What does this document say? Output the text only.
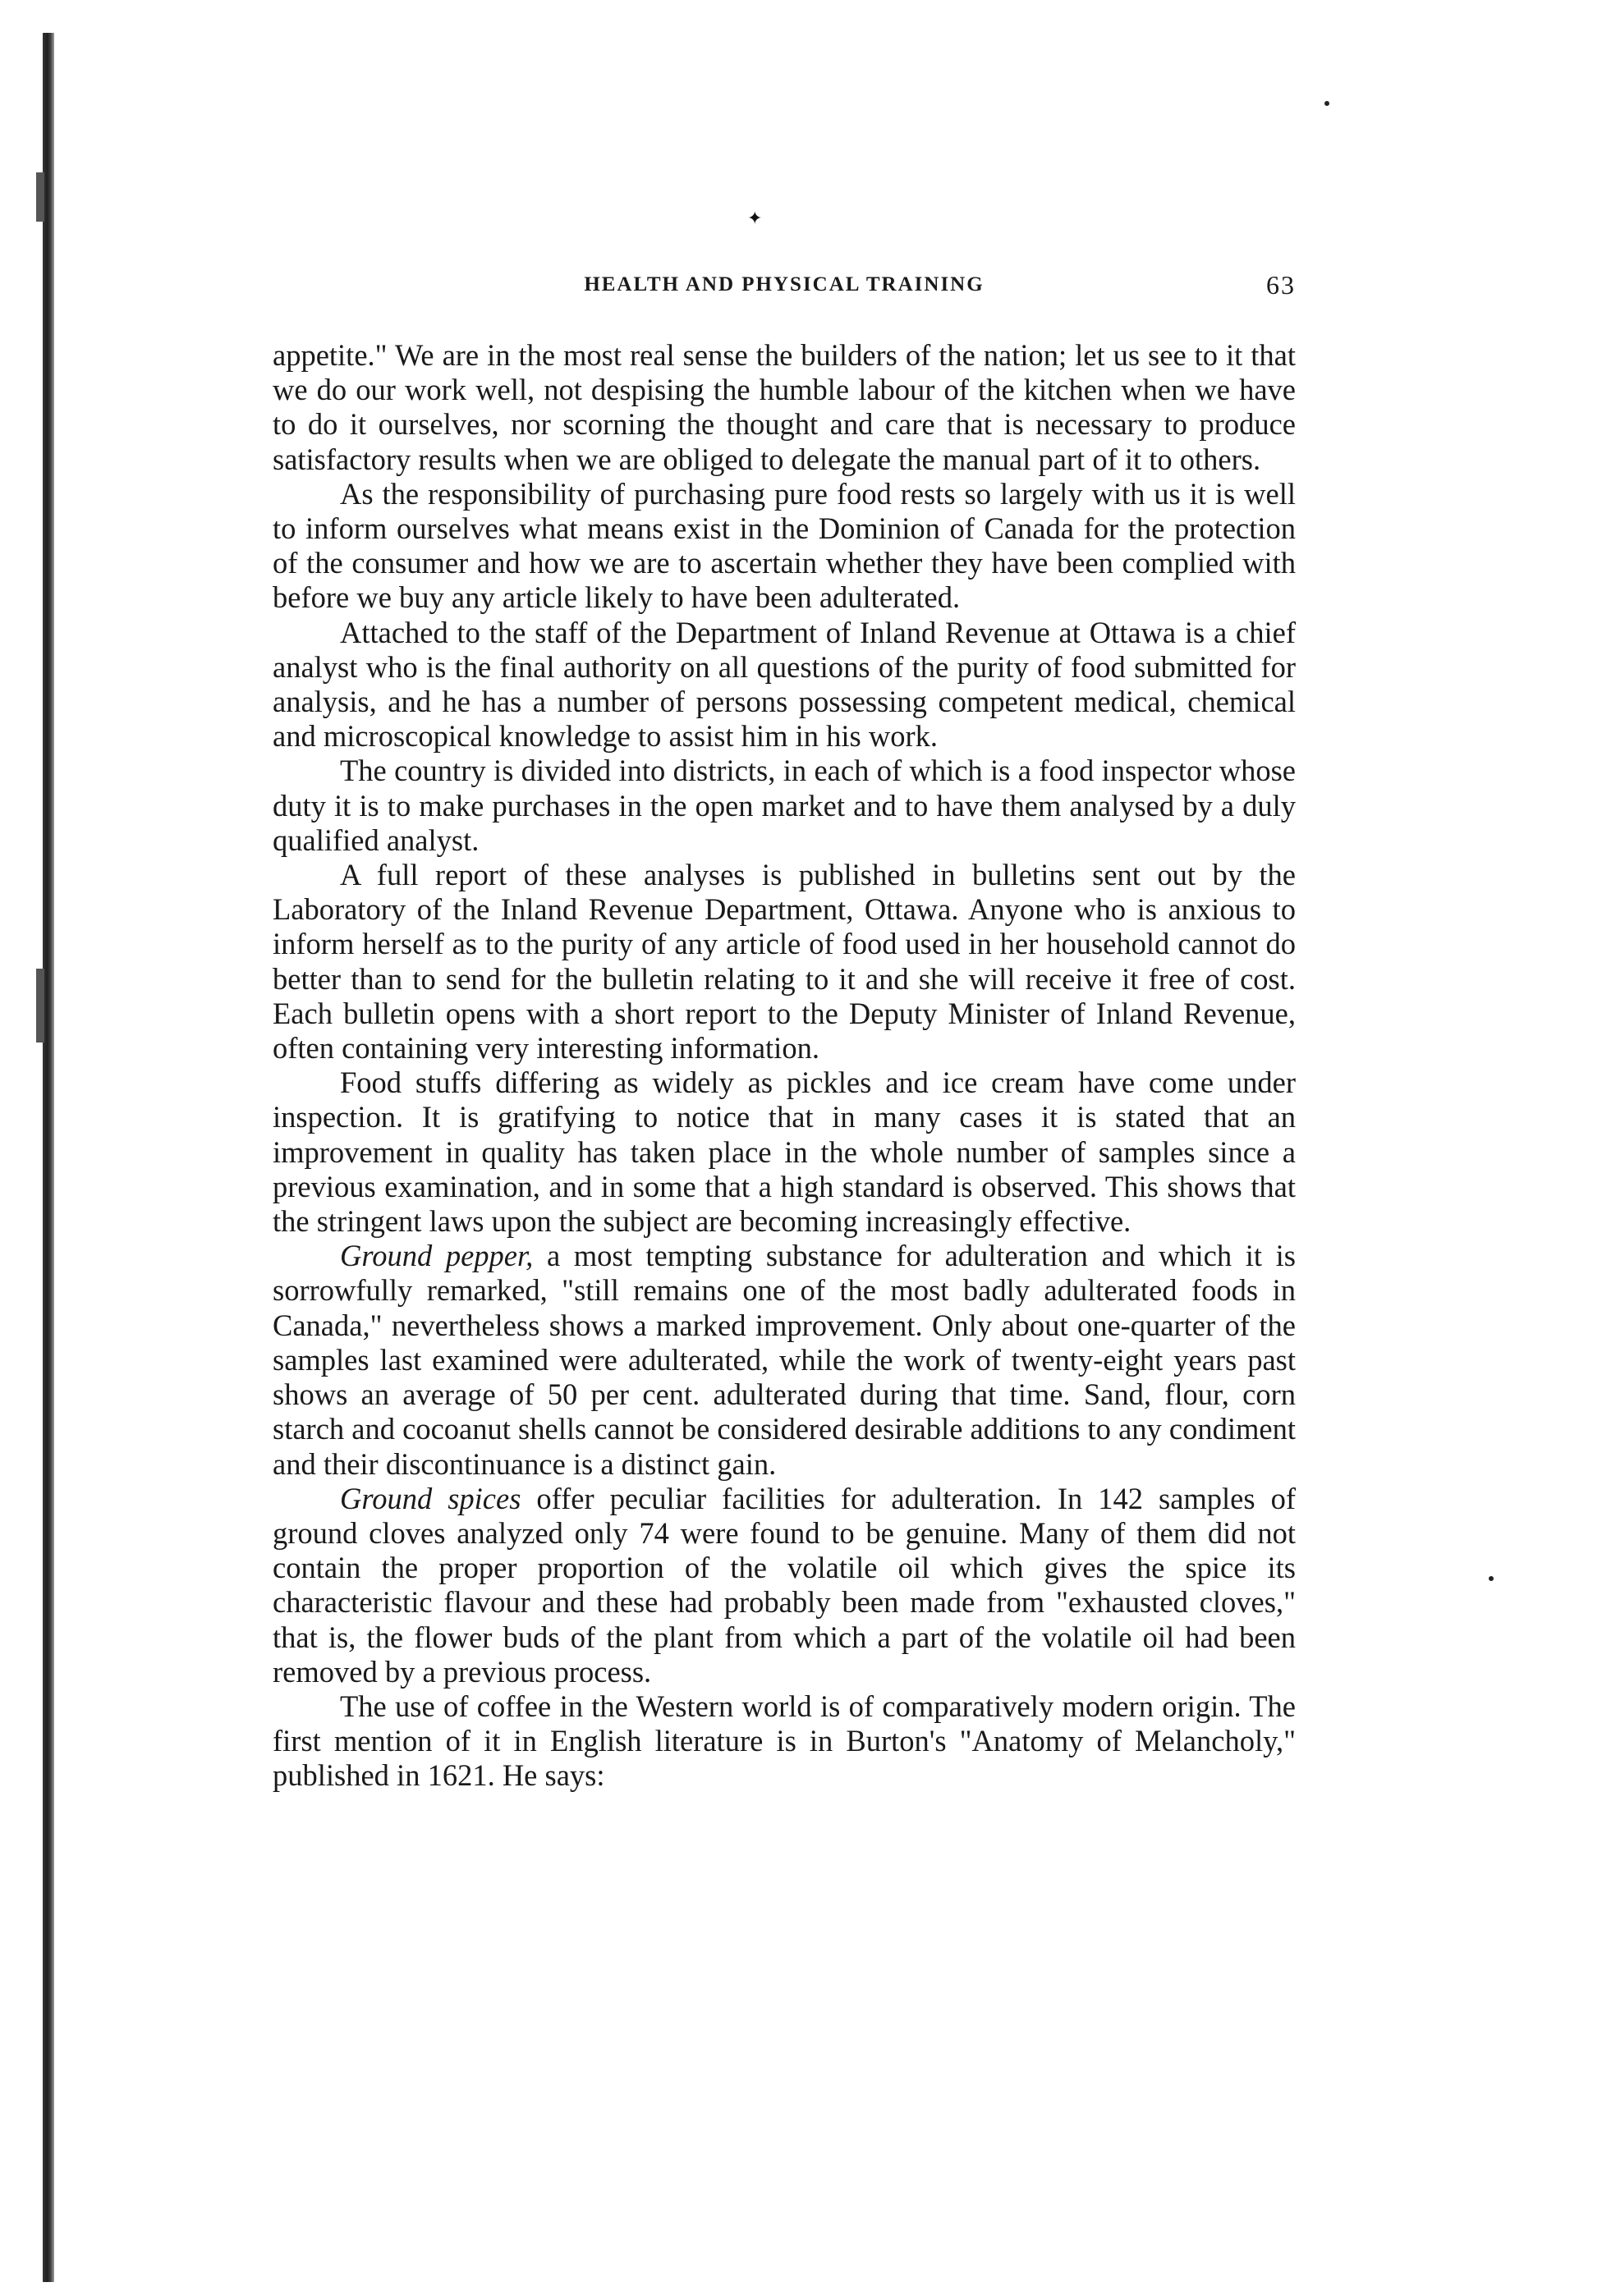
✦
HEALTH AND PHYSICAL TRAINING	63

appetite." We are in the most real sense the builders of the nation; let us see to it that we do our work well, not despising the humble labour of the kitchen when we have to do it ourselves, nor scorning the thought and care that is necessary to produce satisfactory results when we are obliged to delegate the manual part of it to others.

As the responsibility of purchasing pure food rests so largely with us it is well to inform ourselves what means exist in the Dominion of Canada for the protection of the consumer and how we are to ascertain whether they have been complied with before we buy any article likely to have been adulterated.

Attached to the staff of the Department of Inland Revenue at Ottawa is a chief analyst who is the final authority on all questions of the purity of food submitted for analysis, and he has a number of persons possessing competent medical, chemical and microscopical knowledge to assist him in his work.

The country is divided into districts, in each of which is a food inspector whose duty it is to make purchases in the open market and to have them analysed by a duly qualified analyst.

A full report of these analyses is published in bulletins sent out by the Laboratory of the Inland Revenue Department, Ottawa. Anyone who is anxious to inform herself as to the purity of any article of food used in her household cannot do better than to send for the bulletin relating to it and she will receive it free of cost. Each bulletin opens with a short report to the Deputy Minister of Inland Revenue, often containing very interesting information.

Food stuffs differing as widely as pickles and ice cream have come under inspection. It is gratifying to notice that in many cases it is stated that an improvement in quality has taken place in the whole number of samples since a previous examination, and in some that a high standard is observed. This shows that the stringent laws upon the subject are becoming increasingly effective.

Ground pepper, a most tempting substance for adulteration and which it is sorrowfully remarked, "still remains one of the most badly adulterated foods in Canada," nevertheless shows a marked improvement. Only about one-quarter of the samples last examined were adulterated, while the work of twenty-eight years past shows an average of 50 per cent. adulterated during that time. Sand, flour, corn starch and cocoanut shells cannot be considered desirable additions to any condiment and their discontinuance is a distinct gain.

Ground spices offer peculiar facilities for adulteration. In 142 samples of ground cloves analyzed only 74 were found to be genuine. Many of them did not contain the proper proportion of the volatile oil which gives the spice its characteristic flavour and these had probably been made from "exhausted cloves," that is, the flower buds of the plant from which a part of the volatile oil had been removed by a previous process.

The use of coffee in the Western world is of comparatively modern origin. The first mention of it in English literature is in Burton's "Anatomy of Melancholy," published in 1621. He says:
